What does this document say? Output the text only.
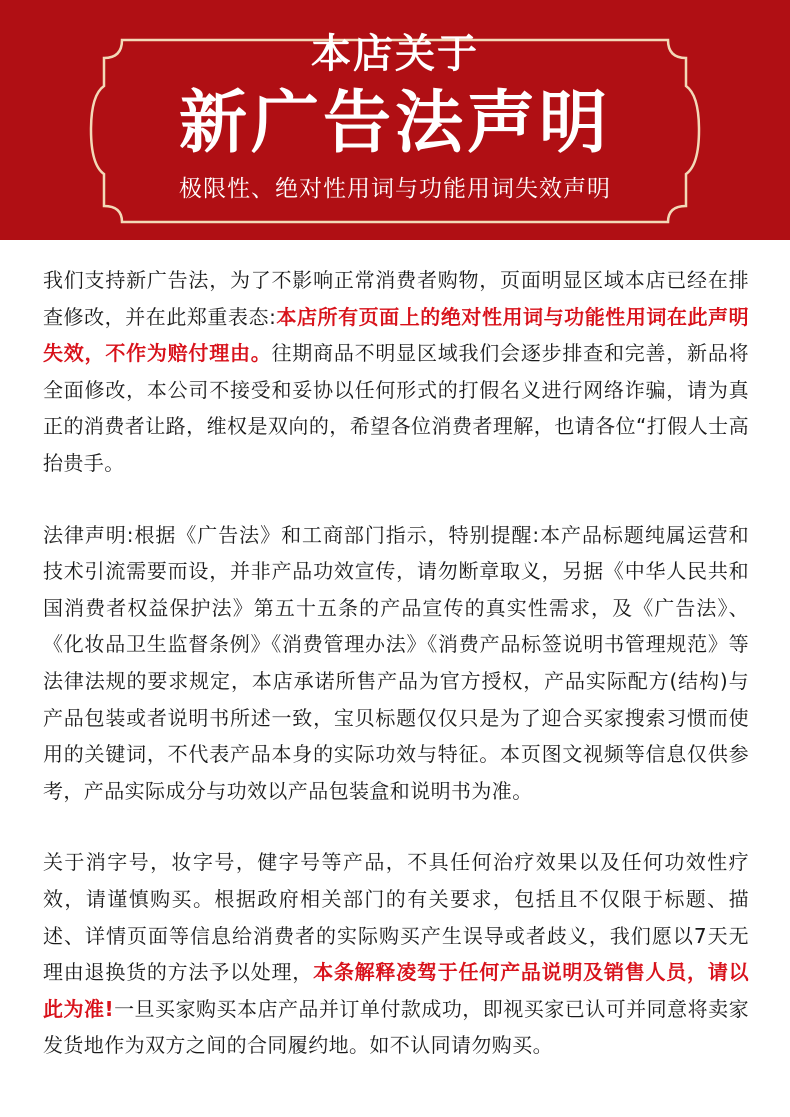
本店关于
新广告法声明
极限性、绝对性用词与功能用词失效声明

我们支持新广告法，为了不影响正常消费者购物，页面明显区域本店已经在排查修改，并在此郑重表态:本店所有页面上的绝对性用词与功能性用词在此声明失效，不作为赔付理由。往期商品不明显区域我们会逐步排查和完善，新品将全面修改，本公司不接受和妥协以任何形式的打假名义进行网络诈骗，请为真正的消费者让路，维权是双向的，希望各位消费者理解，也请各位“打假人士高抬贵手。

法律声明:根据《广告法》和工商部门指示，特别提醒:本产品标题纯属运营和技术引流需要而设，并非产品功效宣传，请勿断章取义，另据《中华人民共和国消费者权益保护法》第五十五条的产品宣传的真实性需求，及《广告法》、《化妆品卫生监督条例》《消费管理办法》《消费产品标签说明书管理规范》等法律法规的要求规定，本店承诺所售产品为官方授权，产品实际配方(结构)与产品包装或者说明书所述一致，宝贝标题仅仅只是为了迎合买家搜索习惯而使用的关键词，不代表产品本身的实际功效与特征。本页图文视频等信息仅供参考，产品实际成分与功效以产品包装盒和说明书为准。

关于消字号，妆字号，健字号等产品，不具任何治疗效果以及任何功效性疗效，请谨慎购买。根据政府相关部门的有关要求，包括且不仅限于标题、描述、详情页面等信息给消费者的实际购买产生误导或者歧义，我们愿以7天无理由退换货的方法予以处理，本条解释凌驾于任何产品说明及销售人员，请以此为准!一旦买家购买本店产品并订单付款成功，即视买家已认可并同意将卖家发货地作为双方之间的合同履约地。如不认同请勿购买。
